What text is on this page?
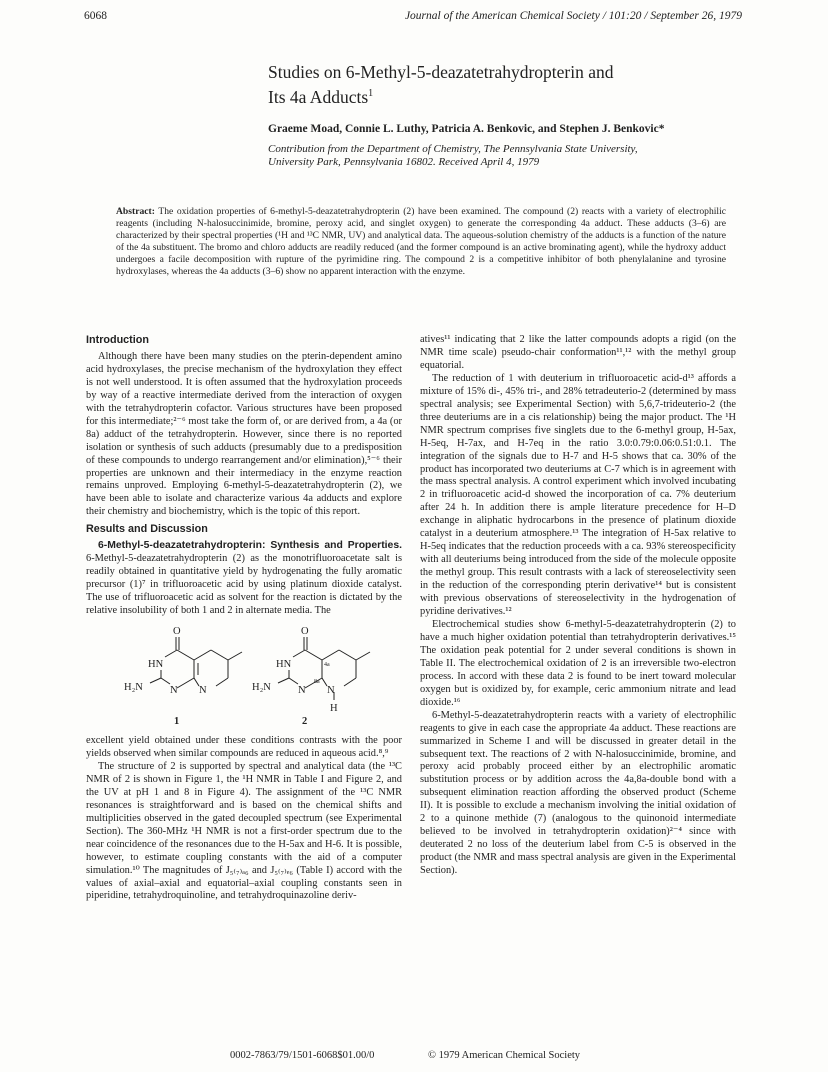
6068	Journal of the American Chemical Society / 101:20 / September 26, 1979
Studies on 6-Methyl-5-deazatetrahydropterin and
Its 4a Adducts$^1$
Graeme Moad, Connie L. Luthy, Patricia A. Benkovic, and Stephen J. Benkovic*
Contribution from the Department of Chemistry, The Pennsylvania State University,
University Park, Pennsylvania 16802. Received April 4, 1979
Abstract: The oxidation properties of 6-methyl-5-deazatetrahydropterin (2) have been examined. The compound (2) reacts with a variety of electrophilic reagents (including N-halosuccinimide, bromine, peroxy acid, and singlet oxygen) to generate the corresponding 4a adduct. These adducts (3–6) are characterized by their spectral properties (¹H and ¹³C NMR, UV) and analytical data. The aqueous-solution chemistry of the adducts is a function of the nature of the 4a substituent. The bromo and chloro adducts are readily reduced (and the former compound is an active brominating agent), while the hydroxy adduct undergoes a facile decomposition with rupture of the pyrimidine ring. The compound 2 is a competitive inhibitor of both phenylalanine and tyrosine hydroxylases, whereas the 4a adducts (3–6) show no apparent interaction with the enzyme.
Introduction

Although there have been many studies on the pterin-dependent amino acid hydroxylases, the precise mechanism of the hydroxylation they effect is not well understood. It is often assumed that the hydroxylation proceeds by way of a reactive intermediate derived from the interaction of oxygen with the tetrahydropterin cofactor. Various structures have been proposed for this intermediate;²⁻⁶ most take the form of, or are derived from, a 4a (or 8a) adduct of the tetrahydropterin. However, since there is no reported isolation or synthesis of such adducts (presumably due to a predisposition of these compounds to undergo rearrangement and/or elimination),⁵⁻⁶ their properties are unknown and their intermediacy in the enzyme reaction remains unproved. Employing 6-methyl-5-deazatetrahydropterin (2), we have been able to isolate and characterize various 4a adducts and explore their chemistry and biochemistry, which is the topic of this report.

Results and Discussion

6-Methyl-5-deazatetrahydropterin: Synthesis and Properties. 6-Methyl-5-deazatetrahydropterin (2) as the monotrifluoroacetate salt is readily obtained in quantitative yield by hydrogenating the fully aromatic precursor (1)⁷ in trifluoroacetic acid by using platinum dioxide catalyst. The use of trifluoroacetic acid as solvent for the reaction is dictated by the relative insolubility of both 1 and 2 in alternate media. The

O
HN
H₂N	N N
1
O
HN
H₂N	N N
H
4a
8a
2

excellent yield obtained under these conditions contrasts with the poor yields observed when similar compounds are reduced in aqueous acid.⁸,⁹

The structure of 2 is supported by spectral and analytical data (the ¹³C NMR of 2 is shown in Figure 1, the ¹H NMR in Table I and Figure 2, and the UV at pH 1 and 8 in Figure 4). The assignment of the ¹³C NMR resonances is straightforward and is based on the chemical shifts and multiplicities observed in the gated decoupled spectrum (see Experimental Section). The 360-MHz ¹H NMR is not a first-order spectrum due to the near coincidence of the resonances due to the H-5ax and H-6. It is possible, however, to estimate coupling constants with the aid of a computer simulation.¹⁰ The magnitudes of J₅₍₇₎ₐ₆ and J₅₍₇₎ₑ₆ (Table I) accord with the values of axial–axial and equatorial–axial coupling constants seen in piperidine, tetrahydroquinoline, and tetrahydroquinazoline deriv-

atives¹¹ indicating that 2 like the latter compounds adopts a rigid (on the NMR time scale) pseudo-chair conformation¹¹,¹² with the methyl group equatorial.

The reduction of 1 with deuterium in trifluoroacetic acid-d¹³ affords a mixture of 15% di-, 45% tri-, and 28% tetradeuterio-2 (determined by mass spectral analysis; see Experimental Section) with 5,6,7-trideuterio-2 (the three deuteriums are in a cis relationship) being the major product. The ¹H NMR spectrum comprises five singlets due to the 6-methyl group, H-5ax, H-5eq, H-7ax, and H-7eq in the ratio 3.0:0.79:0.06:0.51:0.1. The integration of the signals due to H-7 and H-5 shows that ca. 30% of the product has incorporated two deuteriums at C-7 which is in agreement with the mass spectral analysis. A control experiment which involved incubating 2 in trifluoroacetic acid-d showed the incorporation of ca. 7% deuterium after 24 h. In addition there is ample literature precedence for H–D exchange in aliphatic hydrocarbons in the presence of platinum dioxide catalyst in a deuterium atmosphere.¹³ The integration of H-5ax relative to H-5eq indicates that the reduction proceeds with a ca. 93% stereospecificity with all deuteriums being introduced from the side of the molecule opposite the methyl group. This result contrasts with a lack of stereoselectivity seen in the reduction of the corresponding pterin derivative¹⁴ but is consistent with previous observations of stereoselectivity in the hydrogenation of pyridine derivatives.¹²

Electrochemical studies show 6-methyl-5-deazatetrahydropterin (2) to have a much higher oxidation potential than tetrahydropterin derivatives.¹⁵ The oxidation peak potential for 2 under several conditions is shown in Table II. The electrochemical oxidation of 2 is an irreversible two-electron process. In accord with these data 2 is found to be inert toward molecular oxygen but is oxidized by, for example, ceric ammonium nitrate and lead dioxide.¹⁶

6-Methyl-5-deazatetrahydropterin reacts with a variety of electrophilic reagents to give in each case the appropriate 4a adduct. These reactions are summarized in Scheme I and will be discussed in greater detail in the subsequent text. The reactions of 2 with N-halosuccinimide, bromine, and peroxy acid probably proceed either by an electrophilic aromatic substitution process or by addition across the 4a,8a-double bond with a subsequent elimination reaction affording the observed product (Scheme II). It is possible to exclude a mechanism involving the initial oxidation of 2 to a quinone methide (7) (analogous to the quinonoid intermediate believed to be involved in tetrahydropterin oxidation)²⁻⁴ since with deuterated 2 no loss of the deuterium label from C-5 is observed in the product (the NMR and mass spectral analysis are given in the Experimental Section).

0002-7863/79/1501-6068$01.00/0	© 1979 American Chemical Society
